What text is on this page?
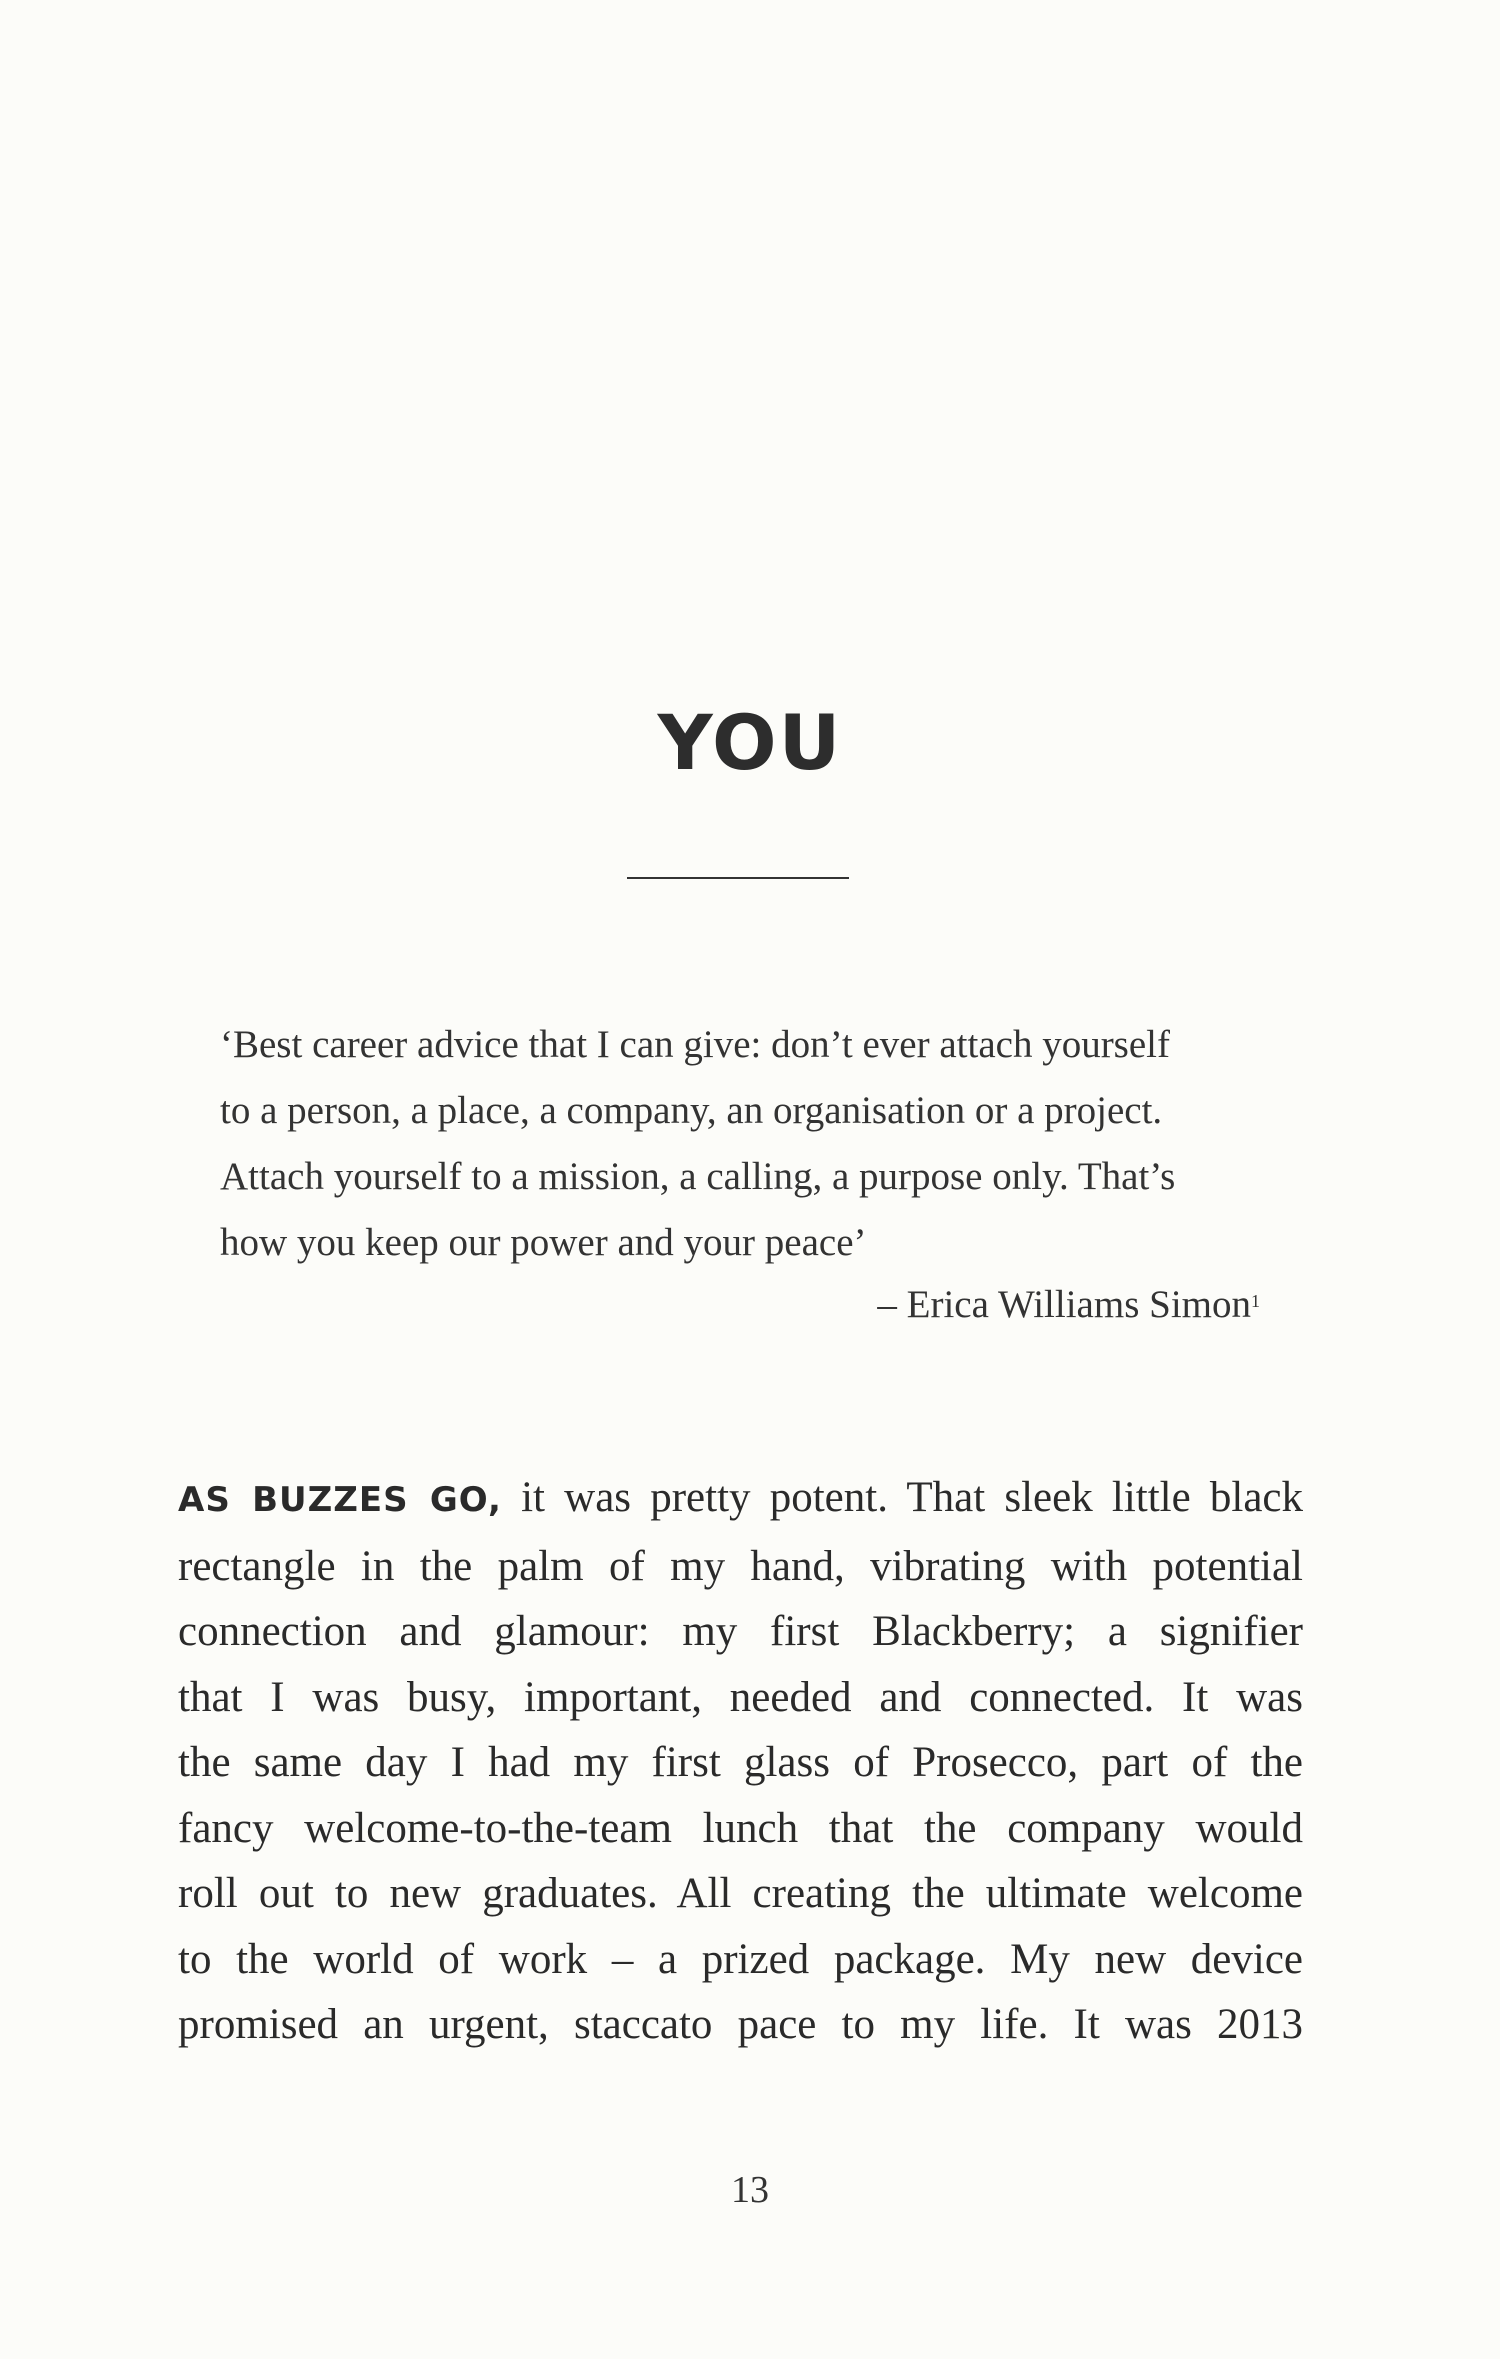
YOU

‘Best career advice that I can give: don’t ever attach yourself
to a person, a place, a company, an organisation or a project.
Attach yourself to a mission, a calling, a purpose only. That’s
how you keep our power and your peace’

– Erica Williams Simon$^1$
AS BUZZES GO, it was pretty potent. That sleek little black
rectangle in the palm of my hand, vibrating with potential
connection and glamour: my first Blackberry; a signifier
that I was busy, important, needed and connected. It was
the same day I had my first glass of Prosecco, part of the
fancy welcome-to-the-team lunch that the company would
roll out to new graduates. All creating the ultimate welcome
to the world of work – a prized package. My new device
promised an urgent, staccato pace to my life. It was 2013
13
